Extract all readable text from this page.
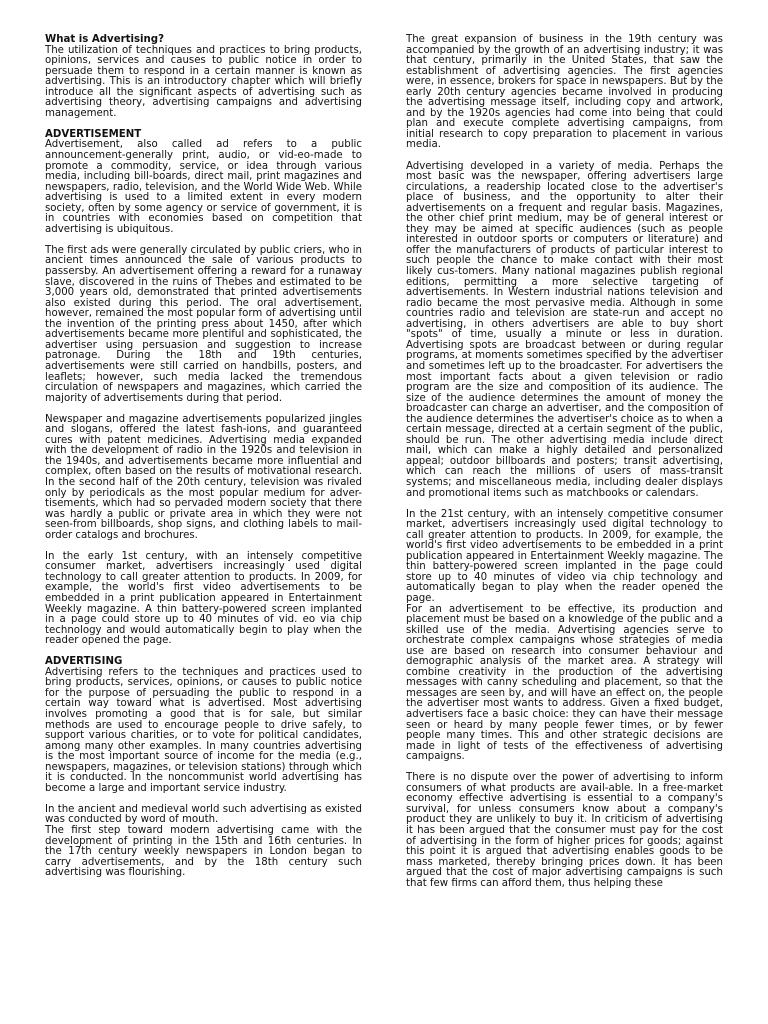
What is Advertising?

The utilization of techniques and practices to bring products, opinions, services and causes to public notice in order to persuade them to respond in a certain manner is known as advertising. This is an introductory chapter which will briefly introduce all the significant aspects of advertising such as advertising theory, advertising campaigns and advertising management.

ADVERTISEMENT

Advertisement, also called ad refers to a public announcement-generally print, audio, or vid-eo-made to promote a commodity, service, or idea through various media, including bill-boards, direct mail, print magazines and newspapers, radio, television, and the World Wide Web. While advertising is used to a limited extent in every modern society, often by some agency or service of government, it is in countries with economies based on competition that advertising is ubiquitous.

The first ads were generally circulated by public criers, who in ancient times announced the sale of various products to passersby. An advertisement offering a reward for a runaway slave, discovered in the ruins of Thebes and estimated to be 3,000 years old, demonstrated that printed advertisements also existed during this period. The oral advertisement, however, remained the most popular form of advertising until the invention of the printing press about 1450, after which advertisements became more plentiful and sophisticated, the advertiser using persuasion and suggestion to increase patronage. During the 18th and 19th centuries, advertisements were still carried on handbills, posters, and leaflets; however, such media lacked the tremendous circulation of newspapers and magazines, which carried the majority of advertisements during that period.

Newspaper and magazine advertisements popularized jingles and slogans, offered the latest fash-ions, and guaranteed cures with patent medicines. Advertising media expanded with the development of radio in the 1920s and television in the 1940s, and advertisements became more influential and complex, often based on the results of motivational research. In the second half of the 20th century, television was rivaled only by periodicals as the most popular medium for adver-tisements, which had so pervaded modern society that there was hardly a public or private area in which they were not seen-from billboards, shop signs, and clothing labels to mail-order catalogs and brochures.

In the early 1st century, with an intensely competitive consumer market, advertisers increasingly used digital technology to call greater attention to products. In 2009, for example, the world's first video advertisements to be embedded in a print publication appeared in Entertainment Weekly magazine. A thin battery-powered screen implanted in a page could store up to 40 minutes of vid. eo via chip technology and would automatically begin to play when the reader opened the page.

ADVERTISING

Advertising refers to the techniques and practices used to bring products, services, opinions, or causes to public notice for the purpose of persuading the public to respond in a certain way toward what is advertised. Most advertising involves promoting a good that is for sale, but similar methods are used to encourage people to drive safely, to support various charities, or to vote for political candidates, among many other examples. In many countries advertising is the most important source of income for the media (e.g., newspapers, magazines, or television stations) through which it is conducted. In the noncommunist world advertising has become a large and important service industry.

In the ancient and medieval world such advertising as existed was conducted by word of mouth.

The first step toward modern advertising came with the development of printing in the 15th and 16th centuries. In the 17th century weekly newspapers in London began to carry advertisements, and by the 18th century such advertising was flourishing.

The great expansion of business in the 19th century was accompanied by the growth of an advertising industry; it was that century, primarily in the United States, that saw the establishment of advertising agencies. The first agencies were, in essence, brokers for space in newspapers. But by the early 20th century agencies became involved in producing the advertising message itself, including copy and artwork, and by the 1920s agencies had come into being that could plan and execute complete advertising campaigns, from initial research to copy preparation to placement in various media.

Advertising developed in a variety of media. Perhaps the most basic was the newspaper, offering advertisers large circulations, a readership located close to the advertiser's place of business, and the opportunity to alter their advertisements on a frequent and regular basis. Magazines, the other chief print medium, may be of general interest or they may be aimed at specific audiences (such as people interested in outdoor sports or computers or literature) and offer the manufacturers of products of particular interest to such people the chance to make contact with their most likely cus-tomers. Many national magazines publish regional editions, permitting a more selective targeting of advertisements. In Western industrial nations television and radio became the most pervasive media. Although in some countries radio and television are state-run and accept no advertising, in others advertisers are able to buy short "spots" of time, usually a minute or less in duration. Advertising spots are broadcast between or during regular programs, at moments sometimes specified by the advertiser and sometimes left up to the broadcaster. For advertisers the most important facts about a given television or radio program are the size and composition of its audience. The size of the audience determines the amount of money the broadcaster can charge an advertiser, and the composition of the audience determines the advertiser's choice as to when a certain message, directed at a certain segment of the public, should be run. The other advertising media include direct mail, which can make a highly detailed and personalized appeal; outdoor billboards and posters; transit advertising, which can reach the millions of users of mass-transit systems; and miscellaneous media, including dealer displays and promotional items such as matchbooks or calendars.

In the 21st century, with an intensely competitive consumer market, advertisers increasingly used digital technology to call greater attention to products. In 2009, for example, the world's first video advertisements to be embedded in a print publication appeared in Entertainment Weekly magazine. The thin battery-powered screen implanted in the page could store up to 40 minutes of video via chip technology and automatically began to play when the reader opened the page.

For an advertisement to be effective, its production and placement must be based on a knowledge of the public and a skilled use of the media. Advertising agencies serve to orchestrate complex campaigns whose strategies of media use are based on research into consumer behaviour and demographic analysis of the market area. A strategy will combine creativity in the production of the advertising messages with canny scheduling and placement, so that the messages are seen by, and will have an effect on, the people the advertiser most wants to address. Given a fixed budget, advertisers face a basic choice: they can have their message seen or heard by many people fewer times, or by fewer people many times. This and other strategic decisions are made in light of tests of the effectiveness of advertising campaigns.

There is no dispute over the power of advertising to inform consumers of what products are avail-able. In a free-market economy effective advertising is essential to a company's survival, for unless consumers know about a company's product they are unlikely to buy it. In criticism of advertising it has been argued that the consumer must pay for the cost of advertising in the form of higher prices for goods; against this point it is argued that advertising enables goods to be mass marketed, thereby bringing prices down. It has been argued that the cost of major advertising campaigns is such that few firms can afford them, thus helping these
